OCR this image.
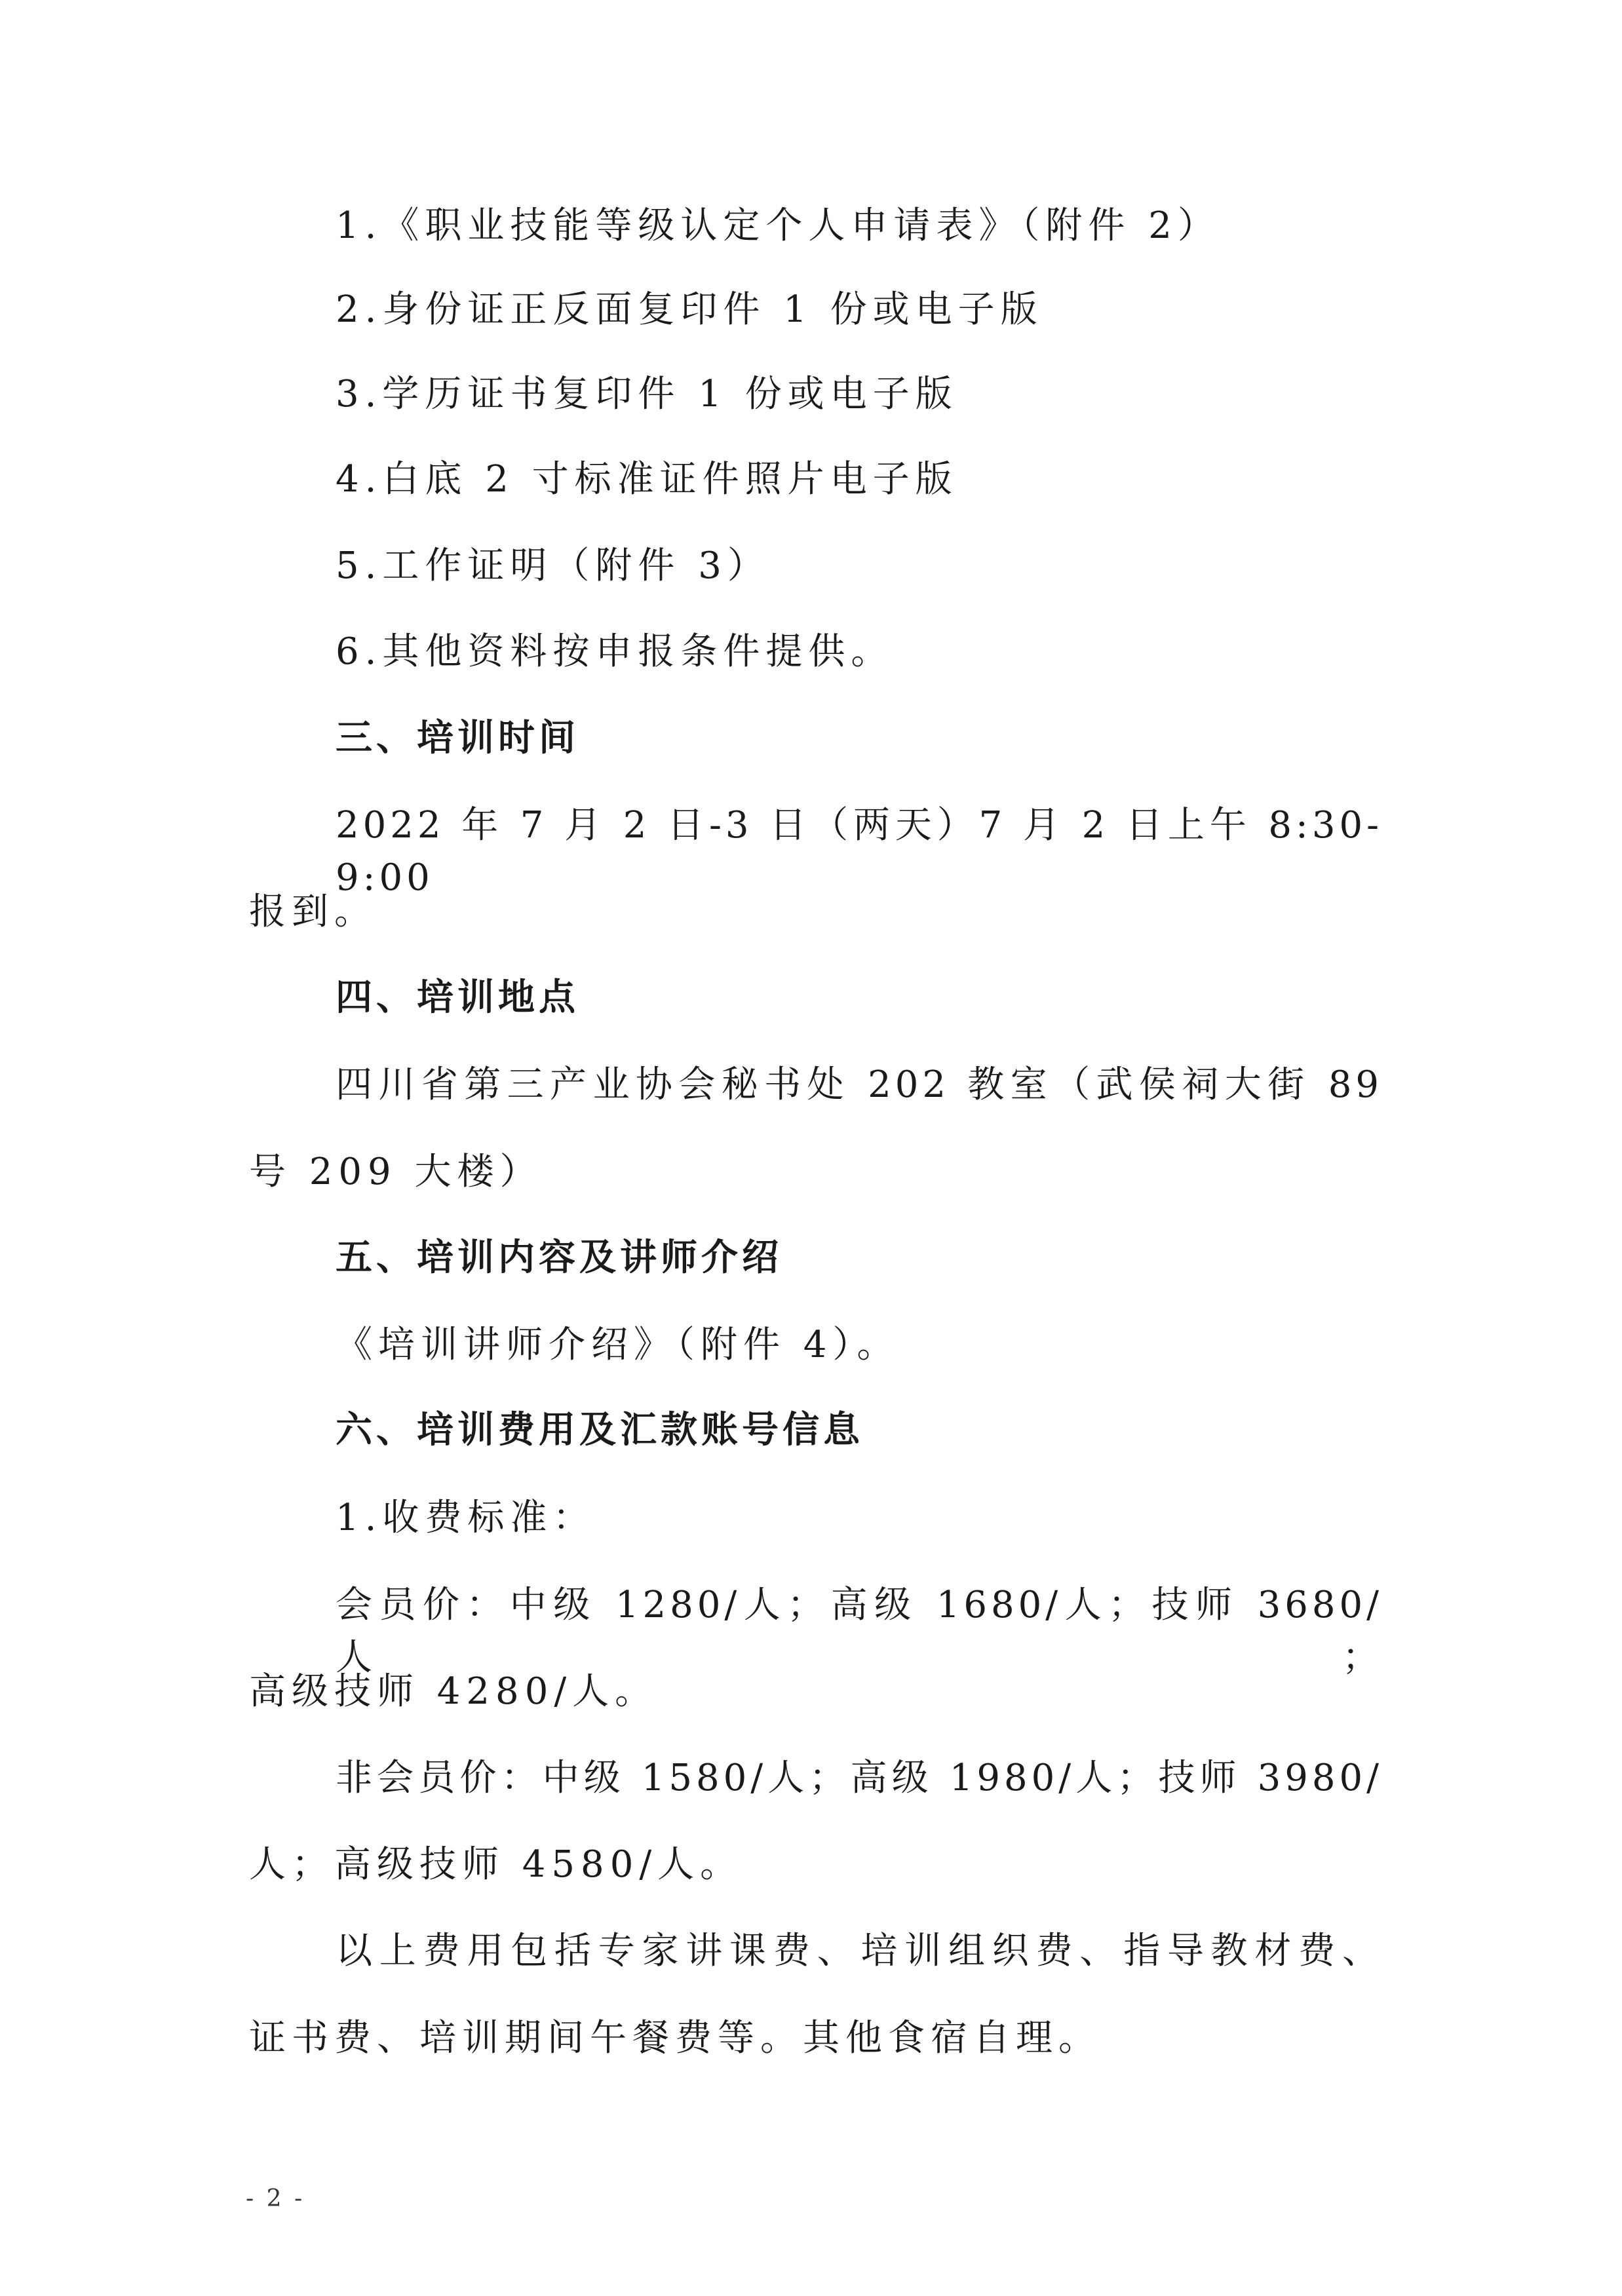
1.《职业技能等级认定个人申请表》（附件 2）
2.身份证正反面复印件 1 份或电子版
3.学历证书复印件 1 份或电子版
4.白底 2 寸标准证件照片电子版
5.工作证明（附件 3）
6.其他资料按申报条件提供。
三、培训时间
2022 年 7 月 2 日-3 日（两天）7 月 2 日上午 8:30-9:00
报到。
四、培训地点
四川省第三产业协会秘书处 202 教室（武侯祠大街 89
号 209 大楼）
五、培训内容及讲师介绍
《培训讲师介绍》（附件 4）。
六、培训费用及汇款账号信息
1.收费标准：
会员价：中级 1280/人；高级 1680/人；技师 3680/人；
高级技师 4280/人。
非会员价：中级 1580/人；高级 1980/人；技师 3980/
人；高级技师 4580/人。
以上费用包括专家讲课费、培训组织费、指导教材费、
证书费、培训期间午餐费等。其他食宿自理。
- 2 -
